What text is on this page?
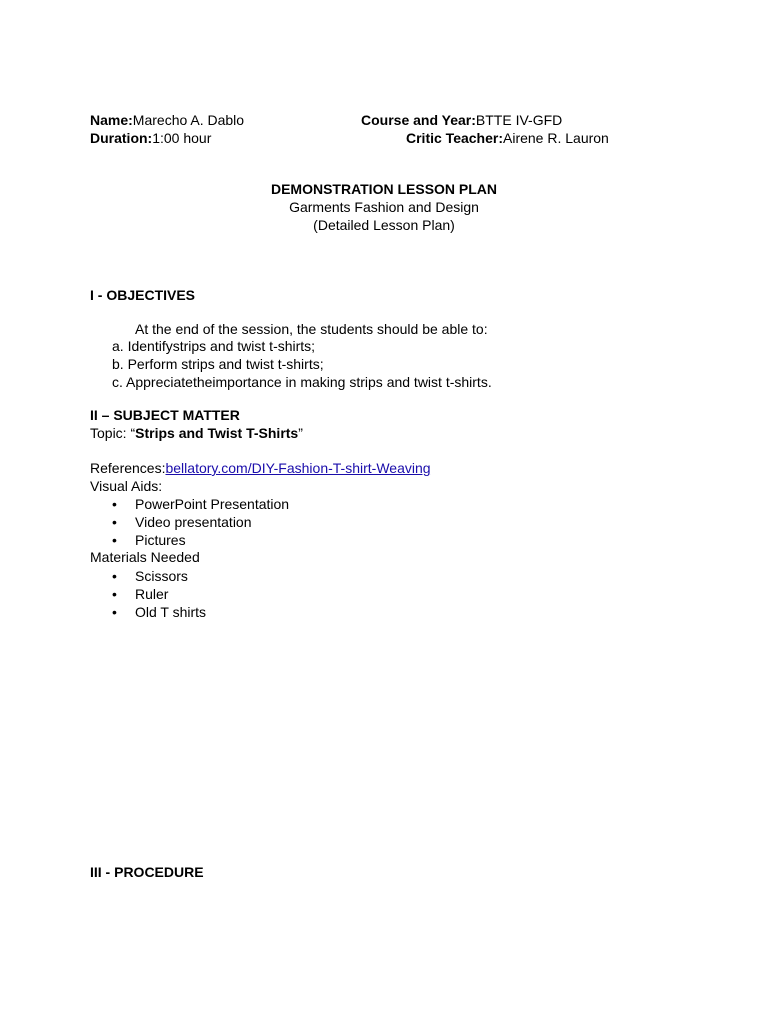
Name:Marecho A. Dablo	Course and Year:BTTE IV-GFD
Duration:1:00 hour	Critic Teacher:Airene R. Lauron
DEMONSTRATION LESSON PLAN
Garments Fashion and Design
(Detailed Lesson Plan)
I - OBJECTIVES
At the end of the session, the students should be able to:
a. Identifystrips and twist t-shirts;
b. Perform strips and twist t-shirts;
c. Appreciatetheimportance in making strips and twist t-shirts.
II – SUBJECT MATTER
Topic: “Strips and Twist T-Shirts”
References:bellatory.com/DIY-Fashion-T-shirt-Weaving
Visual Aids:
• PowerPoint Presentation
• Video presentation
• Pictures
Materials Needed
• Scissors
• Ruler
• Old T shirts
III - PROCEDURE
